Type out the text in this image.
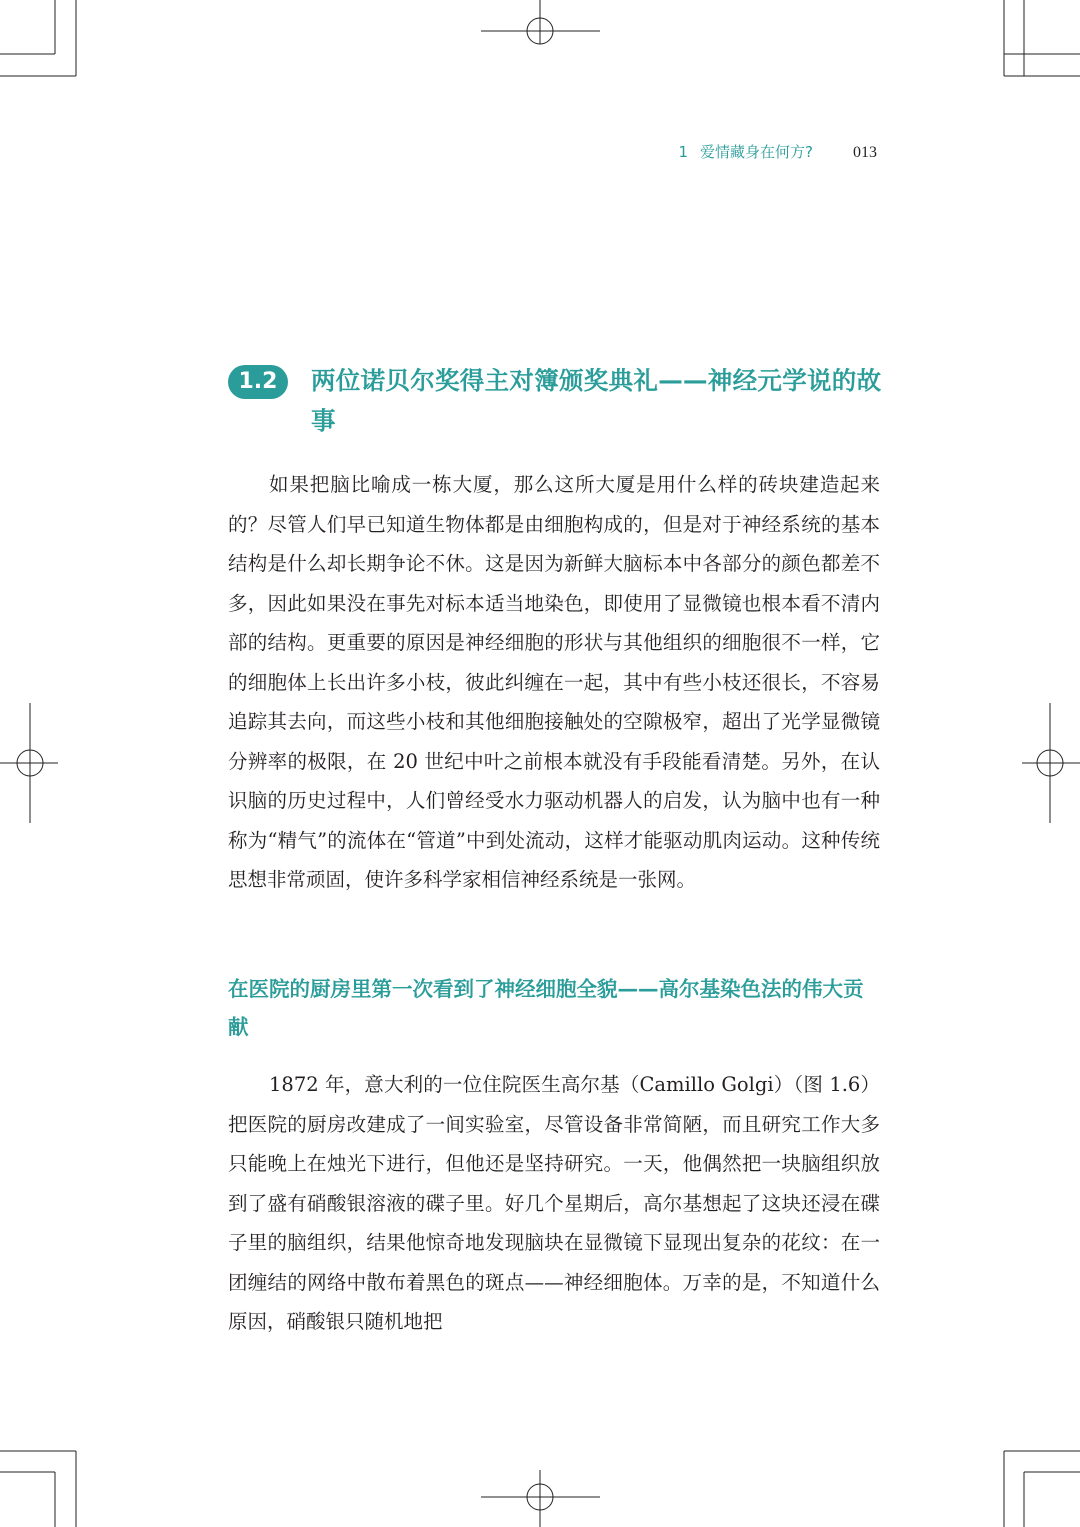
1 爱情藏身在何方?	013
1.2	两位诺贝尔奖得主对簿颁奖典礼——神经元学说的故事

如果把脑比喻成一栋大厦，那么这所大厦是用什么样的砖块建造起来的？尽管人们早已知道生物体都是由细胞构成的，但是对于神经系统的基本结构是什么却长期争论不休。这是因为新鲜大脑标本中各部分的颜色都差不多，因此如果没在事先对标本适当地染色，即使用了显微镜也根本看不清内部的结构。更重要的原因是神经细胞的形状与其他组织的细胞很不一样，它的细胞体上长出许多小枝，彼此纠缠在一起，其中有些小枝还很长，不容易追踪其去向，而这些小枝和其他细胞接触处的空隙极窄，超出了光学显微镜分辨率的极限，在 20 世纪中叶之前根本就没有手段能看清楚。另外，在认识脑的历史过程中，人们曾经受水力驱动机器人的启发，认为脑中也有一种称为“精气”的流体在“管道”中到处流动，这样才能驱动肌肉运动。这种传统思想非常顽固，使许多科学家相信神经系统是一张网。

在医院的厨房里第一次看到了神经细胞全貌——高尔基染色法的伟大贡献

1872 年，意大利的一位住院医生高尔基（Camillo Golgi）（图 1.6）把医院的厨房改建成了一间实验室，尽管设备非常简陋，而且研究工作大多只能晚上在烛光下进行，但他还是坚持研究。一天，他偶然把一块脑组织放到了盛有硝酸银溶液的碟子里。好几个星期后，高尔基想起了这块还浸在碟子里的脑组织，结果他惊奇地发现脑块在显微镜下显现出复杂的花纹：在一团缠结的网络中散布着黑色的斑点——神经细胞体。万幸的是，不知道什么原因，硝酸银只随机地把
